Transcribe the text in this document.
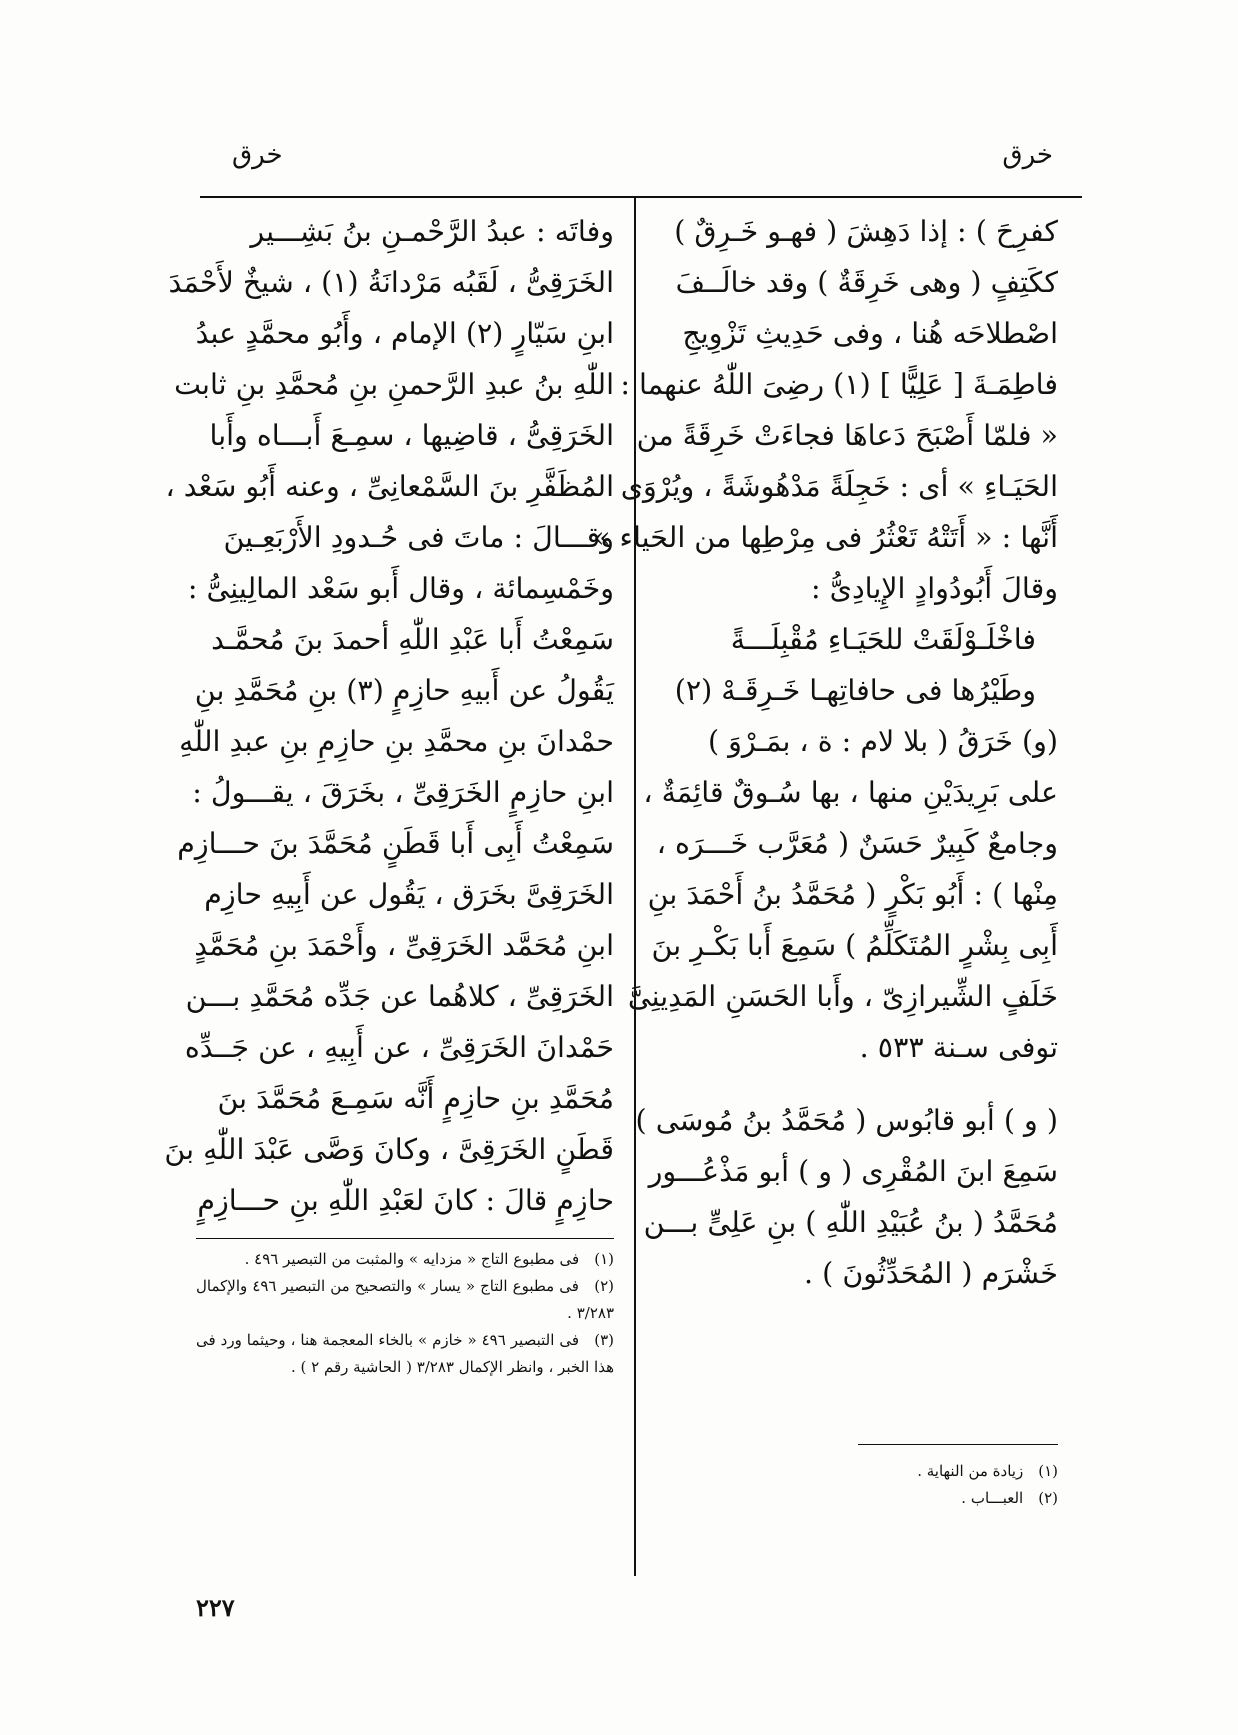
خرق
خرق

كفرِحَ ) : إذا دَهِشَ ( فهـو خَـرِقٌ )
ككَتِفٍ ( وهى خَرِقَةٌ ) وقد خالَــفَ
اصْطلاحَه هُنا ، وفى حَدِيثِ تَزْوِيجِ
فاطِمَـةَ [ عَلِيًّا ] (١) رضِىَ اللّٰهُ عنهما :
« فلمّا أَصْبَحَ دَعاهَا فجاءَتْ خَرِقَةً من
الحَيَـاءِ » أى : خَجِلَةً مَدْهُوشَةً ، ويُرْوَى
أَنَّها : « أَتَتْهُ تَعْثُرُ فى مِرْطِها من الحَياء »
وقالَ أَبُودُوادٍ الإِيادِىُّ :

فاخْلَـوْلَقَتْ للحَيَـاءِ مُقْبِلَـــةً
وطَيْرُها فى حافاتِهـا خَـرِقَـهْ (٢)

(و) خَرَقُ ( بلا لام : ة ، بمَـرْوَ )
على بَرِيدَيْنِ منها ، بها سُـوقٌ قائِمَةٌ ،
وجامعٌ كَبِيرٌ حَسَنٌ ( مُعَرَّب خَـــرَه ،
مِنْها ) : أَبُو بَكْرٍ ( مُحَمَّدُ بنُ أَحْمَدَ بنِ
أَبِى بِشْرٍ المُتَكَلِّمُ ) سَمِعَ أَبا بَكْـرِ بنَ
خَلَفٍ الشِّيرازِىّ ، وأَبا الحَسَنِ المَدِينِىَّ
توفى سـنة ٥٣٣ .

( و ) أبو قابُوس ( مُحَمَّدُ بنُ مُوسَى )
سَمِعَ ابنَ المُقْرِى ( و ) أبو مَذْعُـــور
مُحَمَّدُ ( بنُ عُبَيْدِ اللّٰهِ ) بنِ عَلِىٍّ بـــن
خَشْرَم ( المُحَدِّثُونَ ) .

وفاتَه : عبدُ الرَّحْمـنِ بنُ بَشِـــير
الخَرَقِىُّ ، لَقَبُه مَرْدانَةُ (١) ، شيخٌ لأَحْمَدَ
ابنِ سَيّارٍ (٢) الإمام ، وأَبُو محمَّدٍ عبدُ
اللّٰهِ بنُ عبدِ الرَّحمنِ بنِ مُحمَّدِ بنِ ثابت
الخَرَقِىُّ ، قاضِيها ، سمِـعَ أَبـــاه وأَبا
المُظَفَّرِ بنَ السَّمْعانِىِّ ، وعنه أَبُو سَعْد ،
وقـــالَ : ماتَ فى حُـدودِ الأَرْبَعِـينَ
وخَمْسِمائة ، وقال أَبو سَعْد المالِينِىُّ :
سَمِعْتُ أَبا عَبْدِ اللّٰهِ أحمدَ بنَ مُحمَّـد
يَقُولُ عن أَبيهِ حازِمٍ (٣) بنِ مُحَمَّدِ بنِ
حمْدانَ بنِ محمَّدِ بنِ حازِمِ بنِ عبدِ اللّٰهِ
ابنِ حازِمٍ الخَرَقِىِّ ، بخَرَقَ ، يقـــولُ :
سَمِعْتُ أَبِى أَبا قَطَنٍ مُحَمَّدَ بنَ حـــازِم
الخَرَقِىَّ بخَرَق ، يَقُول عن أَبِيهِ حازِم
ابنِ مُحَمَّد الخَرَقِىِّ ، وأَحْمَدَ بنِ مُحَمَّدٍ
الخَرَقِىِّ ، كلاهُما عن جَدِّه مُحَمَّدِ بـــن
حَمْدانَ الخَرَقِىِّ ، عن أَبِيهِ ، عن جَــدِّه
مُحَمَّدِ بنِ حازِمٍ أَنَّه سَمِـعَ مُحَمَّدَ بنَ
قَطَنٍ الخَرَقِىَّ ، وكانَ وَصَّى عَبْدَ اللّٰهِ بنَ
حازِمٍ قالَ : كانَ لعَبْدِ اللّٰهِ بنِ حـــازِمٍ

(١) زيادة من النهاية .

(٢) العبـــاب .

(١) فى مطبوع التاج « مزدايه » والمثبت من التبصير ٤٩٦ .

(٢) فى مطبوع التاج « يسار » والتصحيح من التبصير ٤٩٦ والإكمال ٣/٢٨٣ .

(٣) فى التبصير ٤٩٦ « خازم » بالخاء المعجمة هنا ، وحيثما ورد فى هذا الخبر ، وانظر الإكمال ٣/٢٨٣ ( الحاشية رقم ٢ ) .

٢٢٧
